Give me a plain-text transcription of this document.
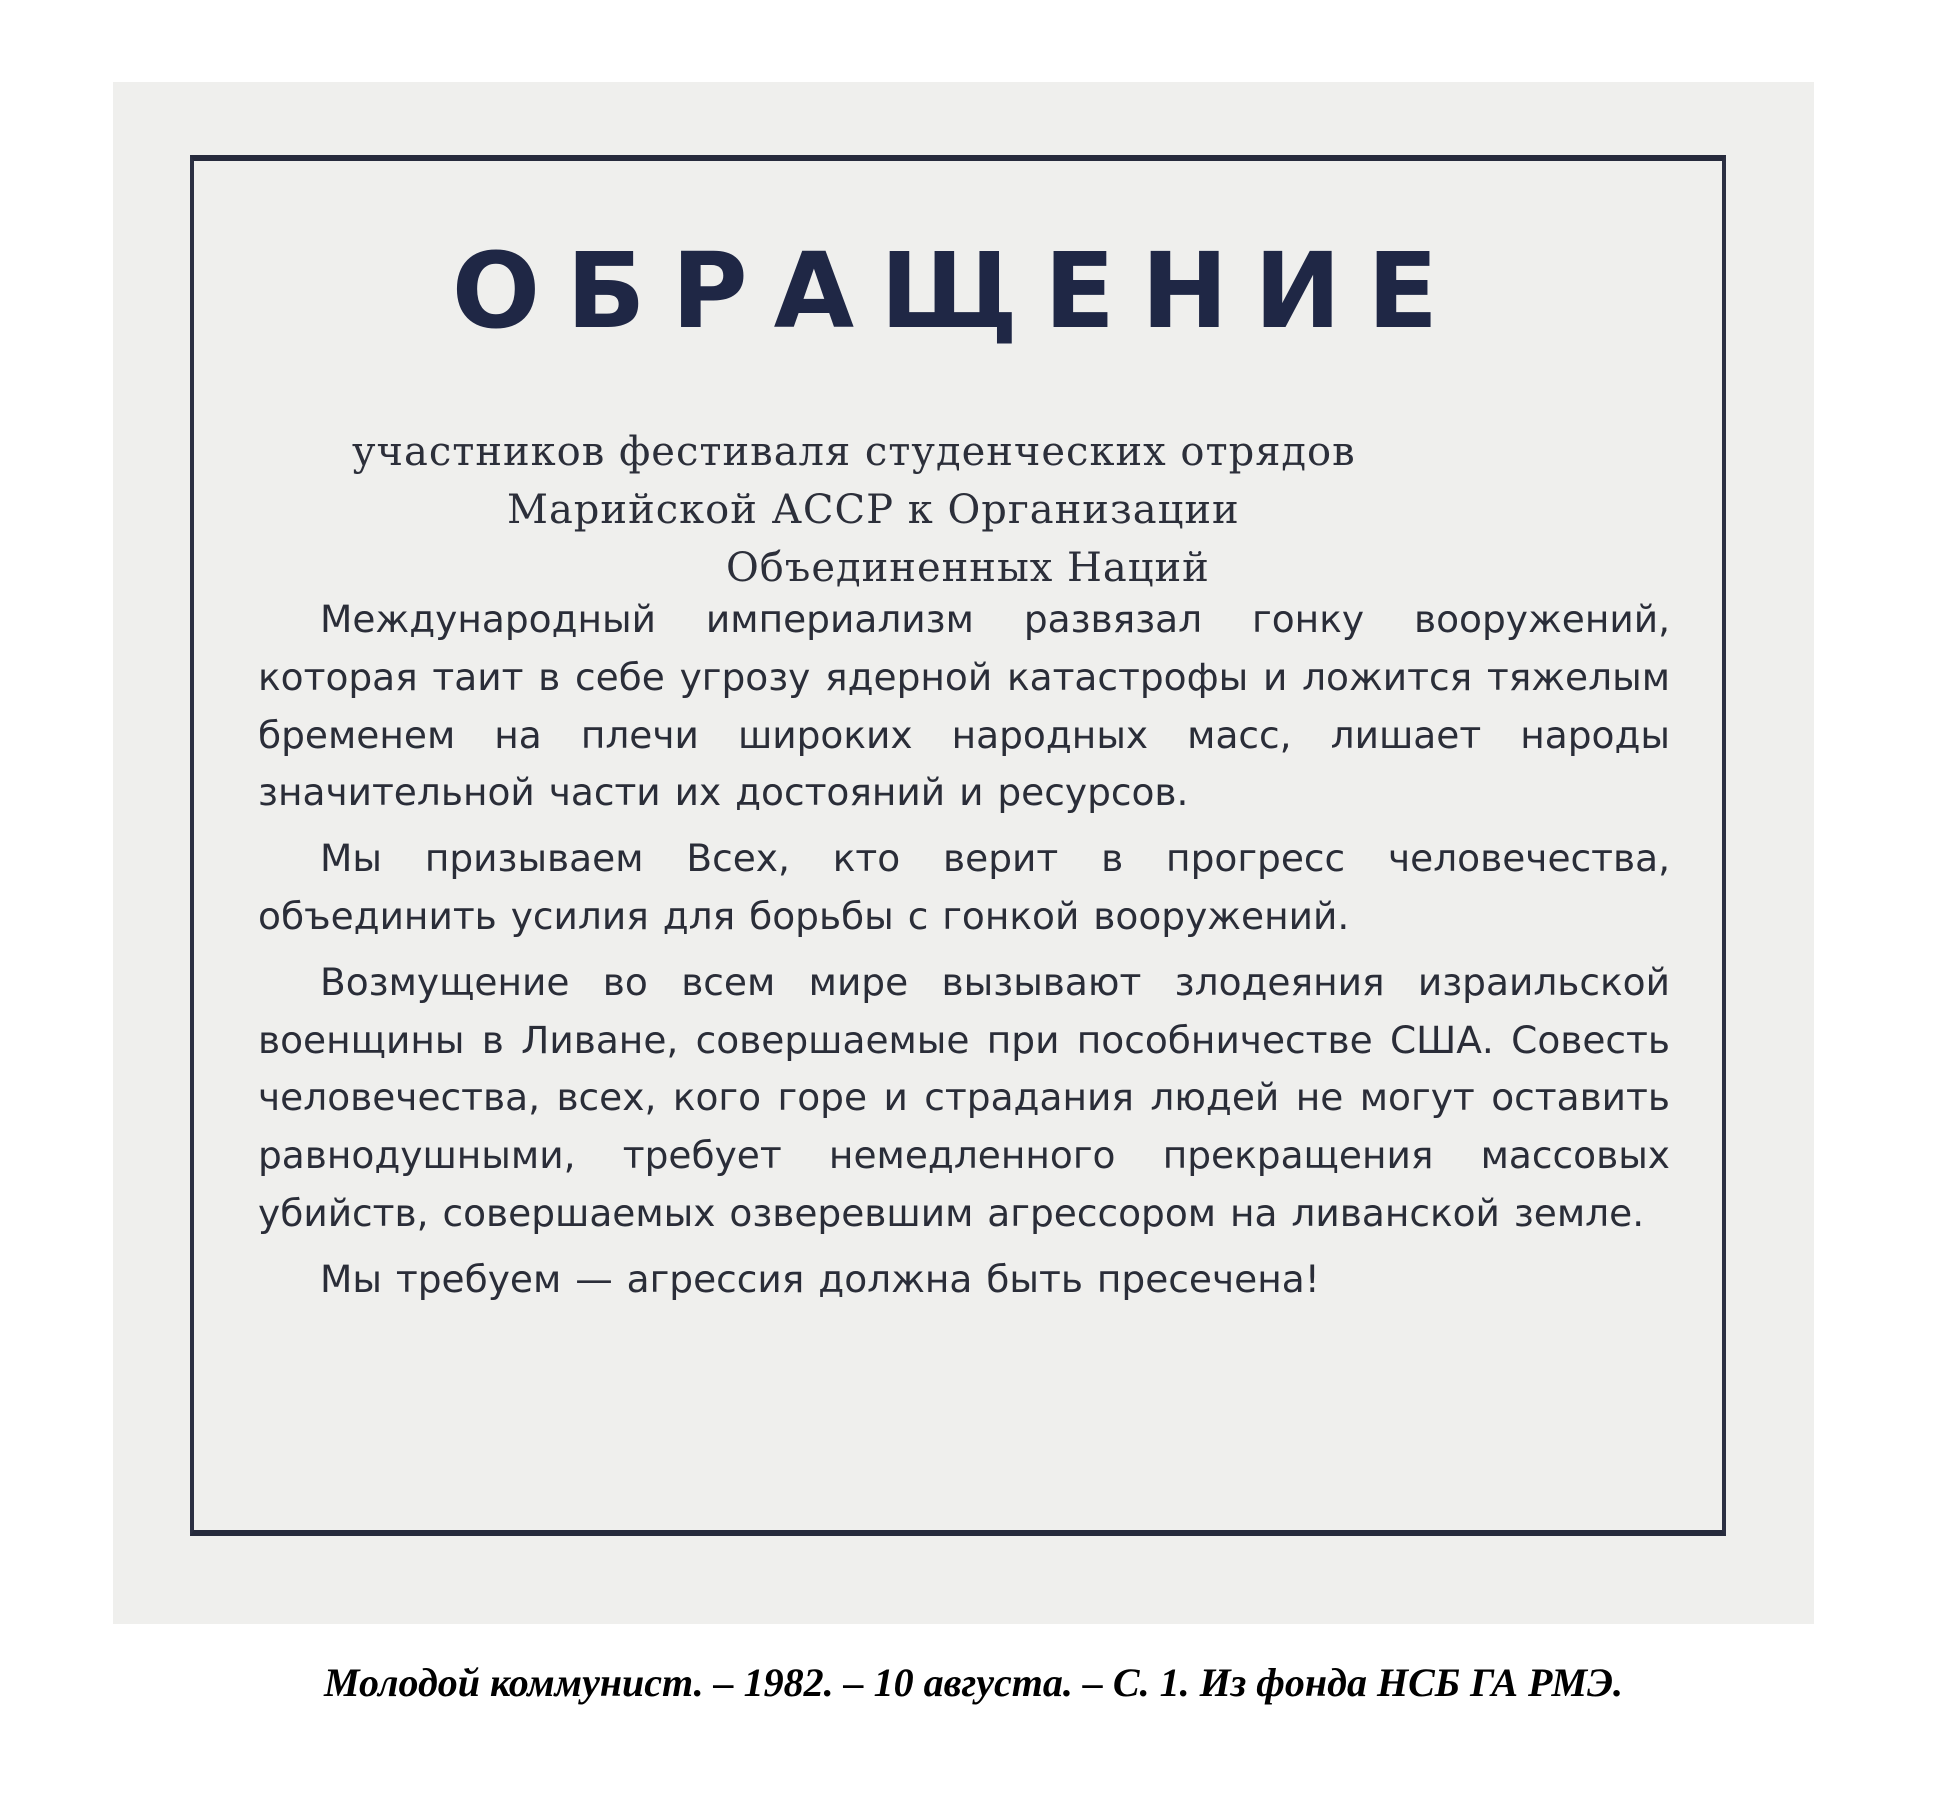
ОБРАЩЕНИЕ
участников фестиваля студенческих отрядов
Марийской АССР к Организации
Объединенных Наций

Международный империализм развязал гонку вооружений, которая таит в себе угрозу ядерной катастрофы и ложится тяжелым бременем на плечи широких народных масс, лишает народы значительной части их достояний и ресурсов.

Мы призываем Всех, кто верит в прогресс человечества, объединить усилия для борьбы с гонкой вооружений.

Возмущение во всем мире вызывают злодеяния израильской военщины в Ливане, совершаемые при пособничестве США. Совесть человечества, всех, кого горе и страдания людей не могут оставить равнодушными, требует немедленного прекращения массовых убийств, совершаемых озверевшим агрессором на ливанской земле.

Мы требуем — агрессия должна быть пресечена!

Молодой коммунист. – 1982. – 10 августа. – С. 1. Из фонда НСБ ГА РМЭ.
